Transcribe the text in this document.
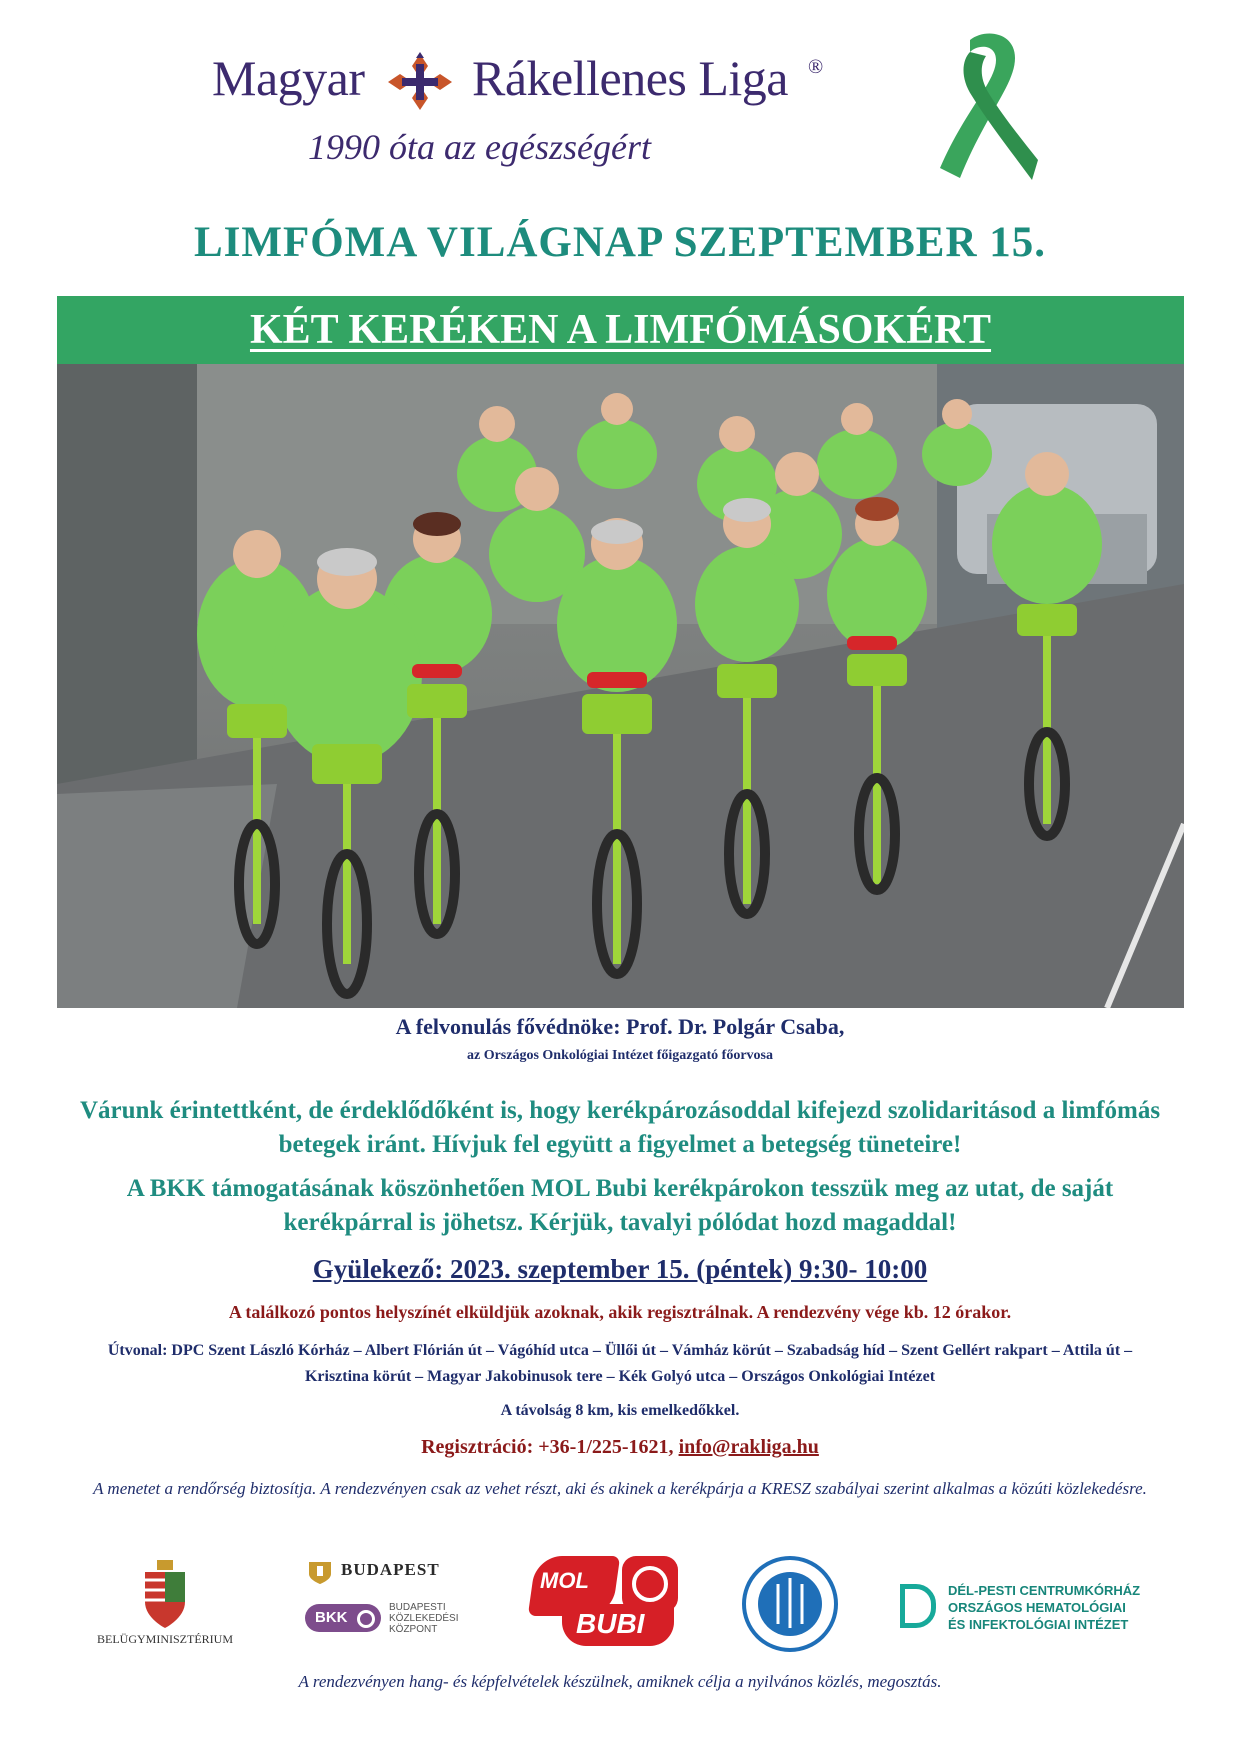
Magyar Rákellenes Liga ®
1990 óta az egészségért
LIMFÓMA VILÁGNAP SZEPTEMBER 15.
KÉT KERÉKEN A LIMFÓMÁSOKÉRT
A felvonulás fővédnöke: Prof. Dr. Polgár Csaba,
az Országos Onkológiai Intézet főigazgató főorvosa
Várunk érintettként, de érdeklődőként is, hogy kerékpározásoddal kifejezd szolidaritásod a limfómás betegek iránt. Hívjuk fel együtt a figyelmet a betegség tüneteire!
A BKK támogatásának köszönhetően MOL Bubi kerékpárokon tesszük meg az utat, de saját kerékpárral is jöhetsz. Kérjük, tavalyi pólódat hozd magaddal!
Gyülekező: 2023. szeptember 15. (péntek) 9:30- 10:00
A találkozó pontos helyszínét elküldjük azoknak, akik regisztrálnak. A rendezvény vége kb. 12 órakor.
Útvonal: DPC Szent László Kórház – Albert Flórián út – Vágóhíd utca – Üllői út – Vámház körút – Szabadság híd – Szent Gellért rakpart – Attila út – Krisztina körút – Magyar Jakobinusok tere – Kék Golyó utca – Országos Onkológiai Intézet
A távolság 8 km, kis emelkedőkkel.
Regisztráció: +36-1/225-1621, info@rakliga.hu
A menetet a rendőrség biztosítja. A rendezvényen csak az vehet részt, aki és akinek a kerékpárja a KRESZ szabályai szerint alkalmas a közúti közlekedésre.
BELÜGYMINISZTÉRIUM
BUDAPEST
BKK
BUDAPESTI
KÖZLEKEDÉSI
KÖZPONT
MOL
BUBI
DÉL-PESTI CENTRUMKÓRHÁZ
ORSZÁGOS HEMATOLÓGIAI
ÉS INFEKTOLÓGIAI INTÉZET
A rendezvényen hang- és képfelvételek készülnek, amiknek célja a nyilvános közlés, megosztás.
